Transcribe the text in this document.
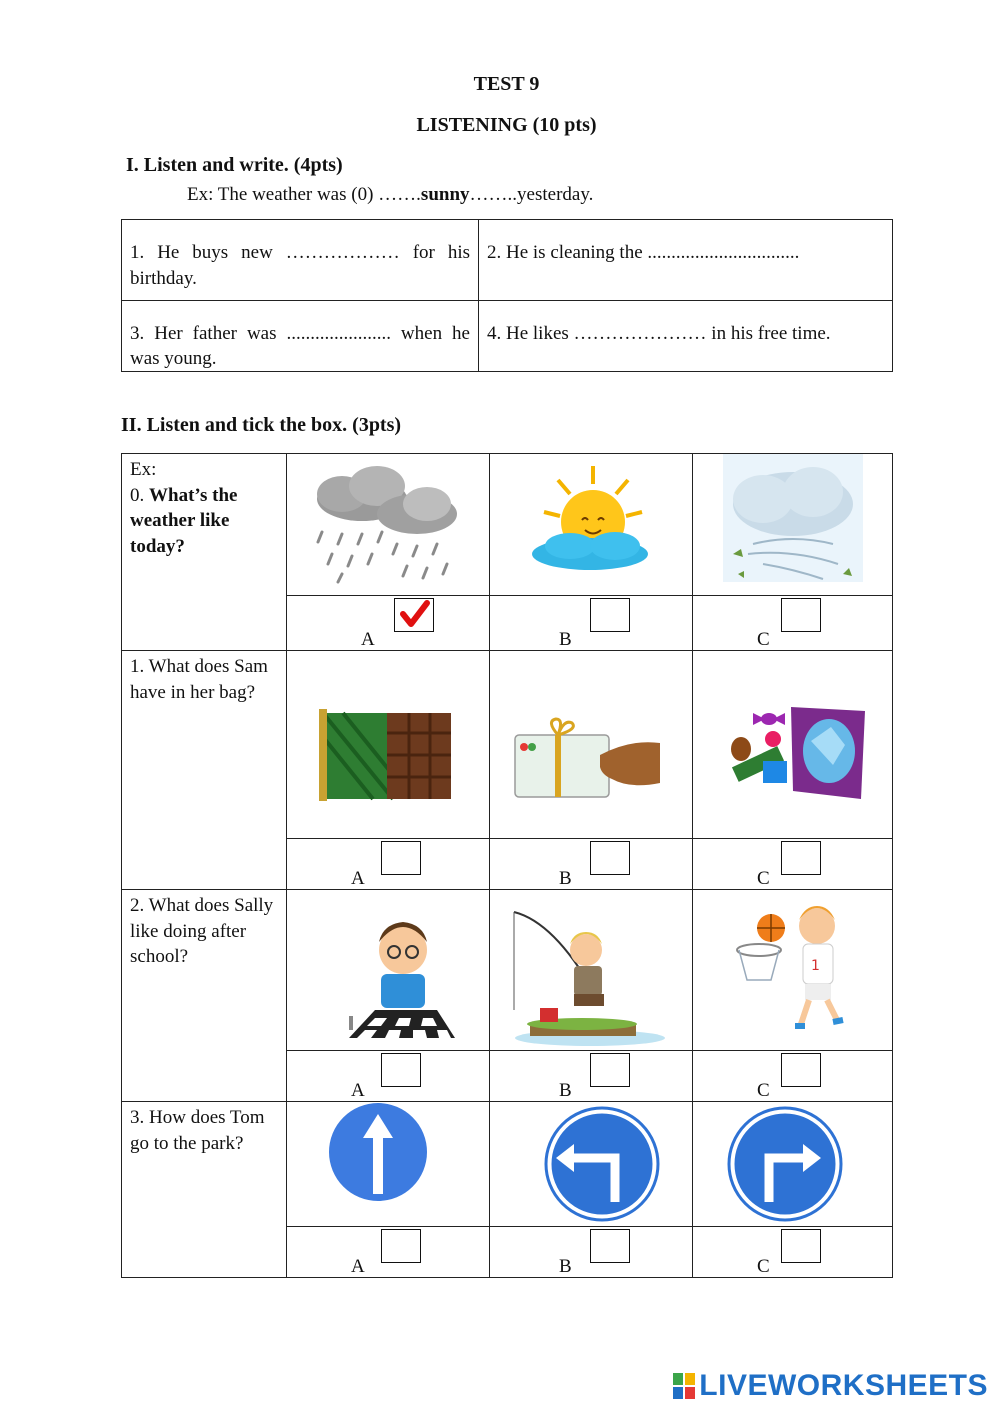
TEST 9
LISTENING (10 pts)
I. Listen and write. (4pts)
Ex: The weather was (0) …….sunny……..yesterday.
1. He buys new ……………… for his birthday.	2. He is cleaning the ................................
3. Her father was ...................... when he was young.	4. He likes ………………… in his free time.
II. Listen and tick the box. (3pts)
Ex:
0. What’s the weather like today?	

	A	B	C

1. What does Sam have in her bag?	

	A	B	C

2. What does Sally like doing after school?			1

	A	B	C

3. How does Tom go to the park?	

	A	B	C
LIVEWORKSHEETS
